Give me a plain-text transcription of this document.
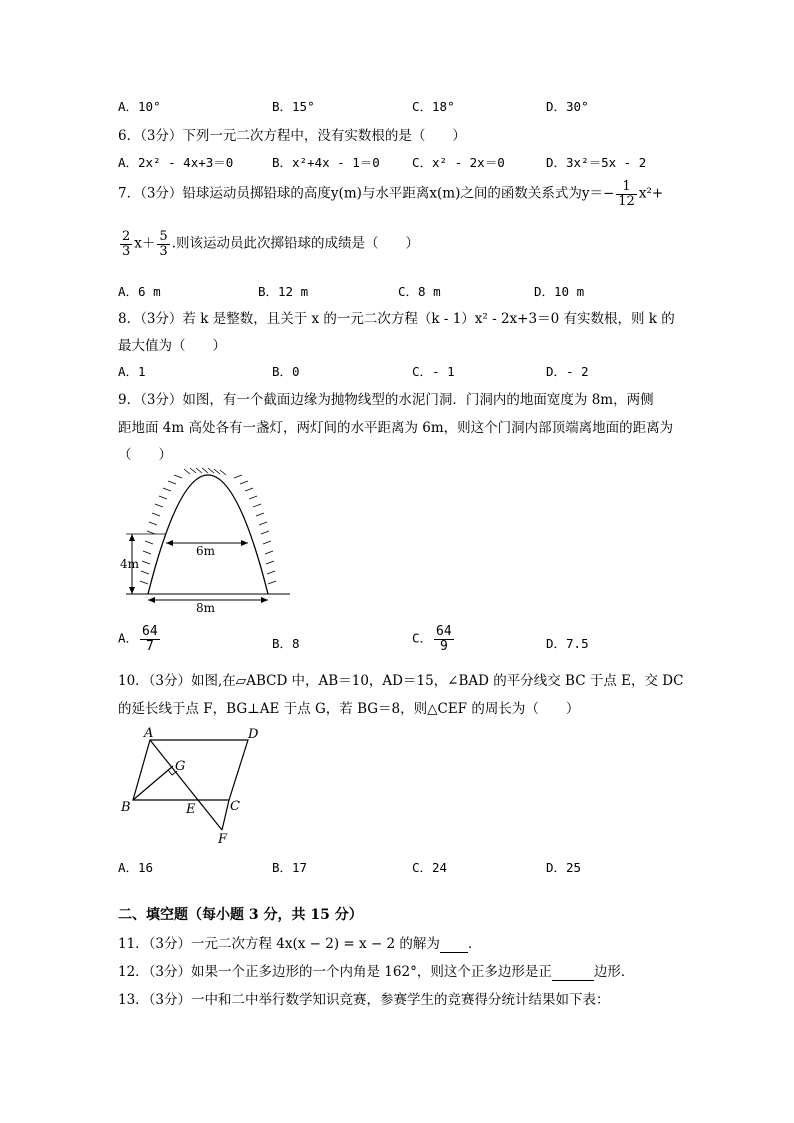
A．10°	B．15°	C．18°	D．30°
6．（3分）下列一元二次方程中，没有实数根的是（　　）
A．2x² - 4x+3＝0	B．x²+4x - 1＝0	C．x² - 2x＝0	D．3x²＝5x - 2
7．（3分）铅球运动员掷铅球的高度y(m)与水平距离x(m)之间的函数关系式为$y=- \frac{1}{12} x^2+$
$\frac{2}{3} x+ \frac{5}{3}$ .则该运动员此次掷铅球的成绩是（　　）
A．6 m	B．12 m	C．8 m	D．10 m
8．（3分）若 k 是整数，且关于 x 的一元二次方程（k - 1）x² - 2x+3＝0 有实数根，则 k 的
最大值为（　　）
A．1	B．0	C．- 1	D．- 2
9．（3分）如图，有一个截面边缘为抛物线型的水泥门洞．门洞内的地面宽度为 8m，两侧
距地面 4m 高处各有一盏灯，两灯间的水平距离为 6m，则这个门洞内部顶端离地面的距离为
（　　）
6m
4m
8m
A． $\frac{64}{7}$	B．8	C． $\frac{64}{9}$	D．7.5
10．（3分）如图,在▱ABCD 中，AB＝10，AD＝15，∠BAD 的平分线交 BC 于点 E，交 DC
的延长线于点 F，BG⊥AE 于点 G，若 BG＝8，则△CEF 的周长为（　　）
A	D
B	E	C
F
G
A．16	B．17	C．24	D．25
二、填空题（每小题 3 分，共 15 分）
11．（3分）一元二次方程 4x(x − 2) = x − 2 的解为 ．
12．（3分）如果一个正多边形的一个内角是 162°，则这个正多边形是正	边形．
13．（3分）一中和二中举行数学知识竞赛，参赛学生的竞赛得分统计结果如下表：
